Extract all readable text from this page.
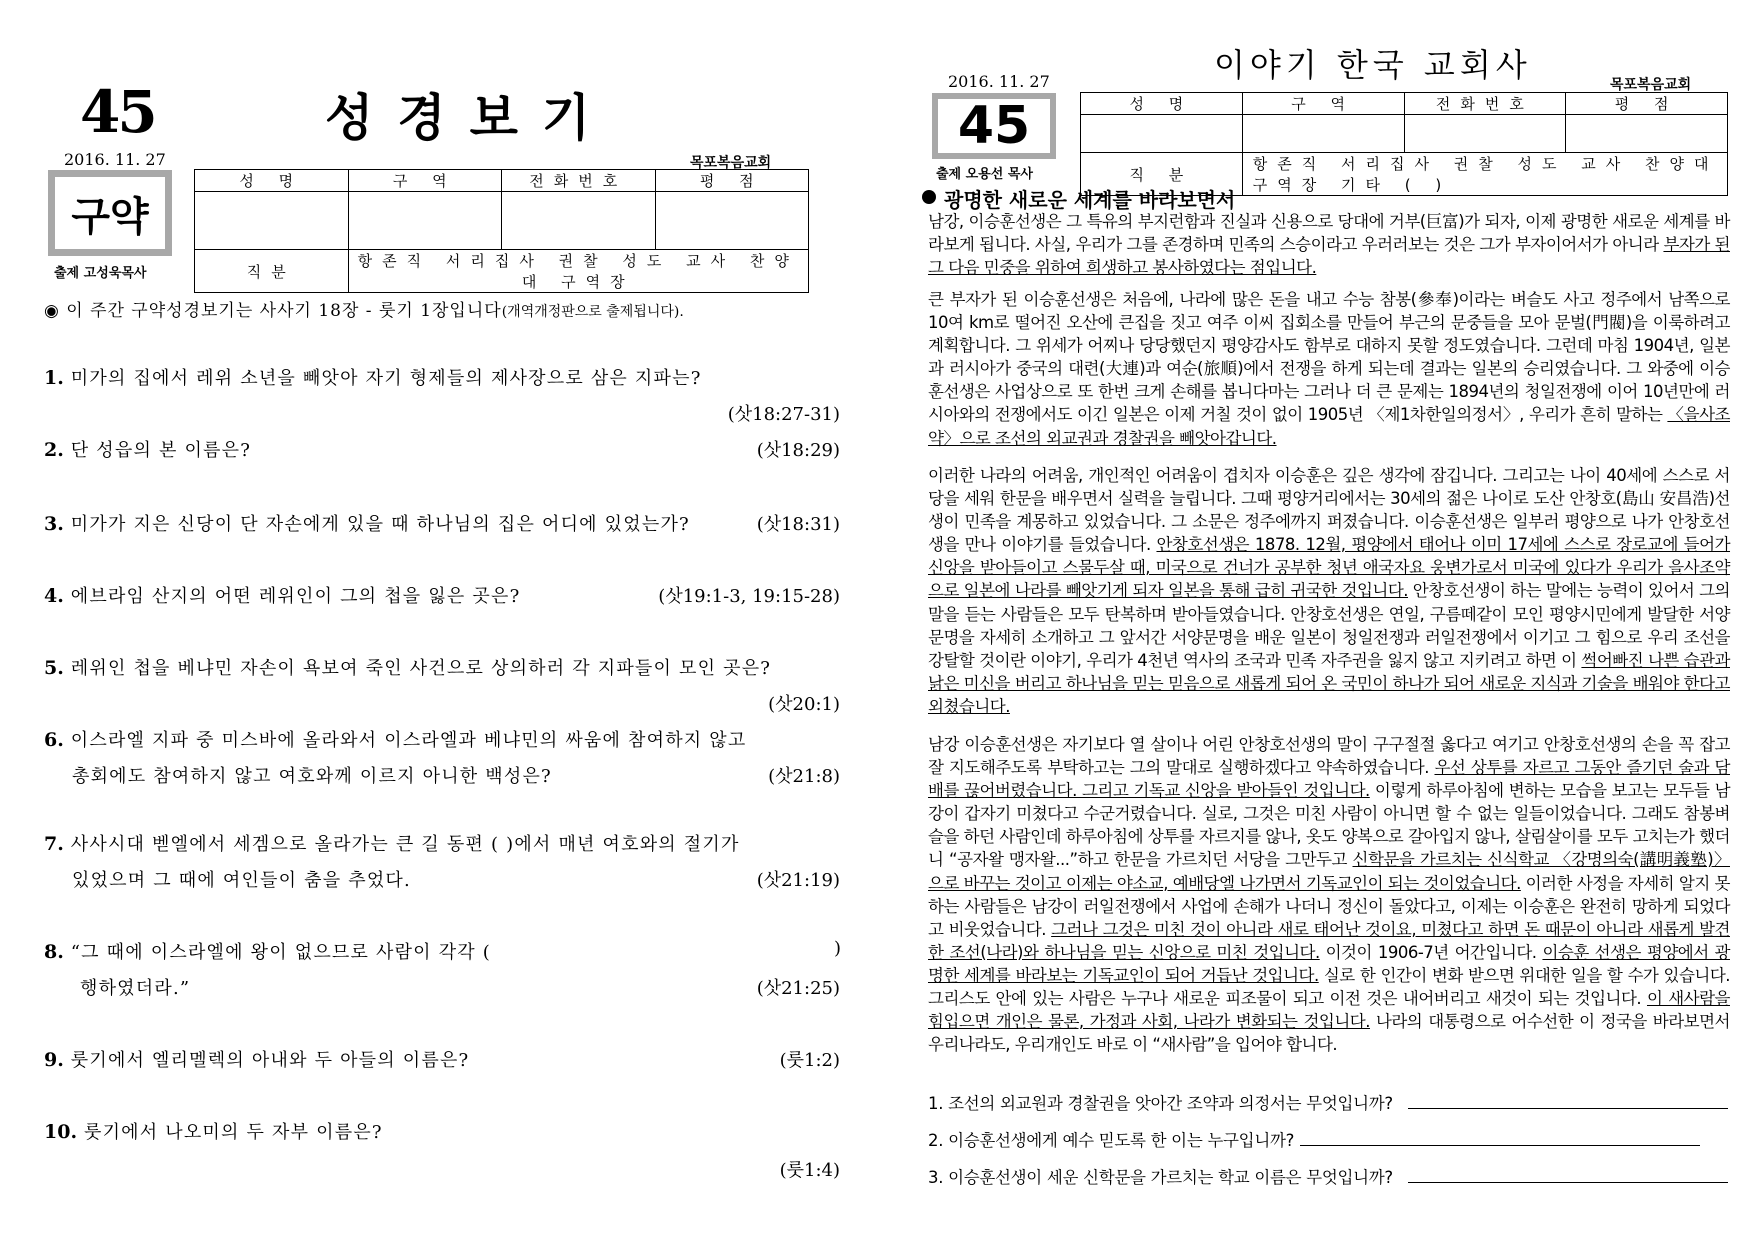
45	성경보기
2016. 11. 27	목포복음교회
구약
출제 고성욱목사
성 명	구 역	전화번호	평 점

직분	항존직 서리집사 권찰 성도 교사 찬양대 구역장		
◉ 이 주간 구약성경보기는 사사기 18장 - 룻기 1장입니다(개역개정판으로 출제됩니다).
1. 미가의 집에서 레위 소년을 빼앗아 자기 형제들의 제사장으로 삼은 지파는?
(삿18:27-31)
2. 단 성읍의 본 이름은?	(삿18:29)
3. 미가가 지은 신당이 단 자손에게 있을 때 하나님의 집은 어디에 있었는가?	(삿18:31)
4. 에브라임 산지의 어떤 레위인이 그의 첩을 잃은 곳은?	(삿19:1-3, 19:15-28)
5. 레위인 첩을 베냐민 자손이 욕보여 죽인 사건으로 상의하러 각 지파들이 모인 곳은?
(삿20:1)
6. 이스라엘 지파 중 미스바에 올라와서 이스라엘과 베냐민의 싸움에 참여하지 않고
총회에도 참여하지 않고 여호와께 이르지 아니한 백성은?	(삿21:8)
7. 사사시대 벧엘에서 세겜으로 올라가는 큰 길 동편 ( )에서 매년 여호와의 절기가
있었으며 그 때에 여인들이 춤을 추었다.	(삿21:19)
8. “그 때에 이스라엘에 왕이 없으므로 사람이 각각 (	)
행하였더라.”	(삿21:25)
9. 룻기에서 엘리멜렉의 아내와 두 아들의 이름은?	(룻1:2)
10. 룻기에서 나오미의 두 자부 이름은?
(룻1:4)
이야기 한국 교회사
2016. 11. 27	목포복음교회
45
출제 오용선 목사
성 명	구 역	전화번호	평 점

직 분	항존직 서리집사 권찰 성도 교사 찬양대 구역장 기타 ( )		
광명한 새로운 세계를 바라보면서
남강, 이승훈선생은 그 특유의 부지런함과 진실과 신용으로 당대에 거부(巨富)가 되자, 이제 광명한 새로운 세계를 바라보게 됩니다. 사실, 우리가 그를 존경하며 민족의 스승이라고 우러러보는 것은 그가 부자이어서가 아니라 부자가 된 그 다음 민중을 위하여 희생하고 봉사하였다는 점입니다.
큰 부자가 된 이승훈선생은 처음에, 나라에 많은 돈을 내고 수능 참봉(參奉)이라는 벼슬도 사고 정주에서 남쪽으로 10여 km로 떨어진 오산에 큰집을 짓고 여주 이씨 집회소를 만들어 부근의 문중들을 모아 문벌(門閥)을 이룩하려고 계획합니다. 그 위세가 어찌나 당당했던지 평양감사도 함부로 대하지 못할 정도였습니다. 그런데 마침 1904년, 일본과 러시아가 중국의 대련(大連)과 여순(旅順)에서 전쟁을 하게 되는데 결과는 일본의 승리였습니다. 그 와중에 이승훈선생은 사업상으로 또 한번 크게 손해를 봅니다마는 그러나 더 큰 문제는 1894년의 청일전쟁에 이어 10년만에 러시아와의 전쟁에서도 이긴 일본은 이제 거칠 것이 없이 1905년 〈제1차한일의정서〉, 우리가 흔히 말하는 〈을사조약〉으로 조선의 외교권과 경찰권을 빼앗아갑니다.
이러한 나라의 어려움, 개인적인 어려움이 겹치자 이승훈은 깊은 생각에 잠깁니다. 그리고는 나이 40세에 스스로 서당을 세워 한문을 배우면서 실력을 늘립니다. 그때 평양거리에서는 30세의 젊은 나이로 도산 안창호(島山 安昌浩)선생이 민족을 계몽하고 있었습니다. 그 소문은 정주에까지 퍼졌습니다. 이승훈선생은 일부러 평양으로 나가 안창호선생을 만나 이야기를 들었습니다. 안창호선생은 1878. 12월, 평양에서 태어나 이미 17세에 스스로 장로교에 들어가 신앙을 받아들이고 스물두살 때, 미국으로 건너가 공부한 청년 애국자요 웅변가로서 미국에 있다가 우리가 을사조약으로 일본에 나라를 빼앗기게 되자 일본을 통해 급히 귀국한 것입니다. 안창호선생이 하는 말에는 능력이 있어서 그의 말을 듣는 사람들은 모두 탄복하며 받아들였습니다. 안창호선생은 연일, 구름떼같이 모인 평양시민에게 발달한 서양문명을 자세히 소개하고 그 앞서간 서양문명을 배운 일본이 청일전쟁과 러일전쟁에서 이기고 그 힘으로 우리 조선을 강탈할 것이란 이야기, 우리가 4천년 역사의 조국과 민족 자주권을 잃지 않고 지키려고 하면 이 썩어빠진 나쁜 습관과 낡은 미신을 버리고 하나님을 믿는 믿음으로 새롭게 되어 온 국민이 하나가 되어 새로운 지식과 기술을 배워야 한다고 외쳤습니다.
남강 이승훈선생은 자기보다 열 살이나 어린 안창호선생의 말이 구구절절 옳다고 여기고 안창호선생의 손을 꼭 잡고 잘 지도해주도록 부탁하고는 그의 말대로 실행하겠다고 약속하였습니다. 우선 상투를 자르고 그동안 즐기던 술과 담배를 끊어버렸습니다. 그리고 기독교 신앙을 받아들인 것입니다. 이렇게 하루아침에 변하는 모습을 보고는 모두들 남강이 갑자기 미쳤다고 수군거렸습니다. 실로, 그것은 미친 사람이 아니면 할 수 없는 일들이었습니다. 그래도 참봉벼슬을 하던 사람인데 하루아침에 상투를 자르지를 않나, 옷도 양복으로 갈아입지 않나, 살림살이를 모두 고치는가 했더니 “공자왈 맹자왈...”하고 한문을 가르치던 서당을 그만두고 신학문을 가르치는 신식학교 〈강명의숙(講明義塾)〉으로 바꾸는 것이고 이제는 야소교, 예배당엘 나가면서 기독교인이 되는 것이었습니다. 이러한 사정을 자세히 알지 못하는 사람들은 남강이 러일전쟁에서 사업에 손해가 나더니 정신이 돌았다고, 이제는 이승훈은 완전히 망하게 되었다고 비웃었습니다. 그러나 그것은 미친 것이 아니라 새로 태어난 것이요, 미쳤다고 하면 돈 때문이 아니라 새롭게 발견한 조선(나라)와 하나님을 믿는 신앙으로 미친 것입니다. 이것이 1906-7년 어간입니다. 이승훈 선생은 평양에서 광명한 세계를 바라보는 기독교인이 되어 거듭난 것입니다. 실로 한 인간이 변화 받으면 위대한 일을 할 수가 있습니다. 그리스도 안에 있는 사람은 누구나 새로운 피조물이 되고 이전 것은 내어버리고 새것이 되는 것입니다. 이 새사람을 힘입으면 개인은 물론, 가정과 사회, 나라가 변화되는 것입니다. 나라의 대통령으로 어수선한 이 정국을 바라보면서 우리나라도, 우리개인도 바로 이 “새사람”을 입어야 합니다.
1. 조선의 외교원과 경찰권을 앗아간 조약과 의정서는 무엇입니까?
2. 이승훈선생에게 예수 믿도록 한 이는 누구입니까?
3. 이승훈선생이 세운 신학문을 가르치는 학교 이름은 무엇입니까?
